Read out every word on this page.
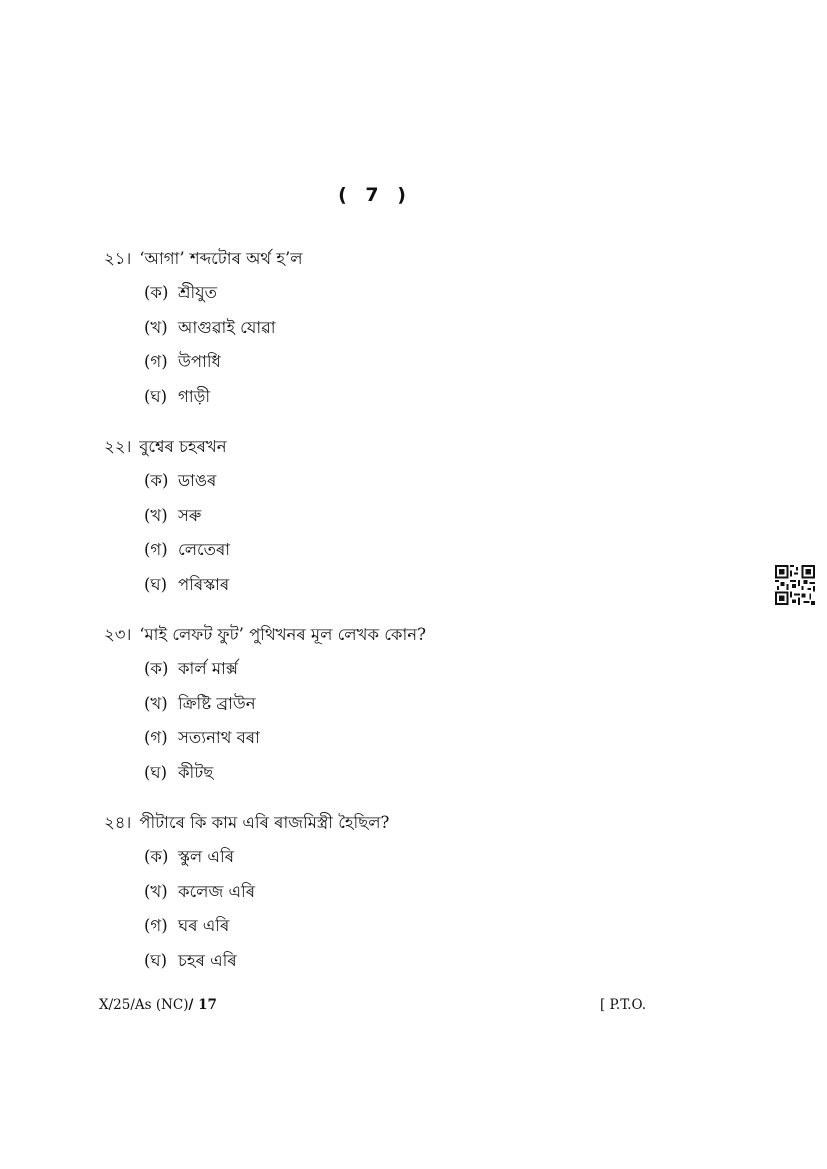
( 7 )
২১। ‘আগা’ শব্দটোৰ অৰ্থ হ’ল
(ক) শ্ৰীযুত
(খ) আগুৱাই যোৱা
(গ) উপাধি
(ঘ) গাড়ী
২২। বুশ্বেৰ চহৰখন
(ক) ডাঙৰ
(খ) সৰু
(গ) লেতেৰা
(ঘ) পৰিস্কাৰ
২৩। ‘মাই লেফট ফুট’ পুথিখনৰ মূল লেখক কোন?
(ক) কাৰ্ল মাৰ্ক্স
(খ) ক্ৰিষ্টি ব্ৰাউন
(গ) সত্যনাথ বৰা
(ঘ) কীটছ
২৪। পীটাৰে কি কাম এৰি ৰাজমিস্ত্ৰী হৈছিল?
(ক) স্কুল এৰি
(খ) কলেজ এৰি
(গ) ঘৰ এৰি
(ঘ) চহৰ এৰি
X/25/As (NC)/ 17	[ P.T.O.
